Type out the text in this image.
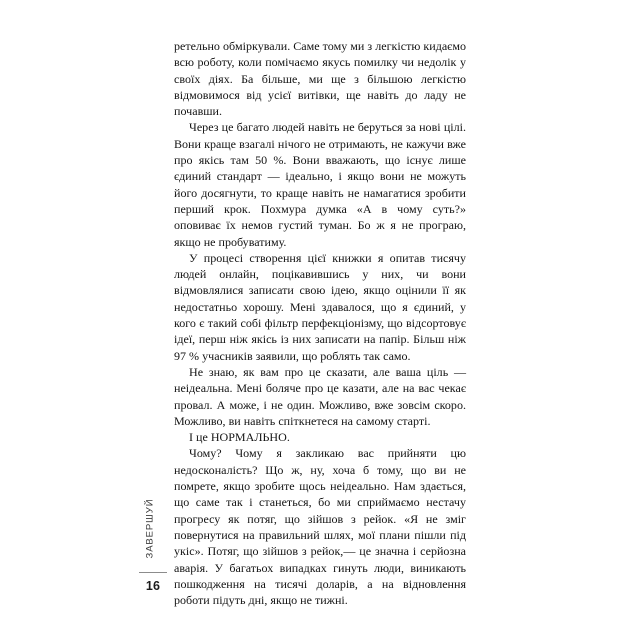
ЗАВЕРШУЙ
16

ретельно обміркували. Саме тому ми з легкістю кидаємо всю роботу, коли помічаємо якусь помилку чи недолік у своїх діях. Ба більше, ми ще з більшою легкістю відмовимося від усієї витівки, ще навіть до ладу не почавши.

Через це багато людей навіть не беруться за нові цілі. Вони краще взагалі нічого не отримають, не кажучи вже про якісь там 50 %. Вони вважають, що існує лише єдиний стандарт — ідеально, і якщо вони не можуть його досягнути, то краще навіть не намагатися зробити перший крок. Похмура думка «А в чому суть?» оповиває їх немов густий туман. Бо ж я не програю, якщо не пробуватиму.

У процесі створення цієї книжки я опитав тисячу людей онлайн, поцікавившись у них, чи вони відмовлялися записати свою ідею, якщо оцінили її як недостатньо хорошу. Мені здавалося, що я єдиний, у кого є такий собі фільтр перфекціонізму, що відсортовує ідеї, перш ніж якісь із них записати на папір. Більш ніж 97 % учасників заявили, що роблять так само.

Не знаю, як вам про це сказати, але ваша ціль — неідеальна. Мені боляче про це казати, але на вас чекає провал. А може, і не один. Можливо, вже зовсім скоро. Можливо, ви навіть спіткнетеся на самому старті.

І це НОРМАЛЬНО.

Чому? Чому я закликаю вас прийняти цю недосконалість? Що ж, ну, хоча б тому, що ви не помрете, якщо зробите щось неідеально. Нам здається, що саме так і станеться, бо ми сприймаємо нестачу прогресу як потяг, що зійшов з рейок. «Я не зміг повернутися на правильний шлях, мої плани пішли під укіс». Потяг, що зійшов з рейок,— це значна і серйозна аварія. У багатьох випадках гинуть люди, виникають пошкодження на тисячі доларів, а на відновлення роботи підуть дні, якщо не тижні.
